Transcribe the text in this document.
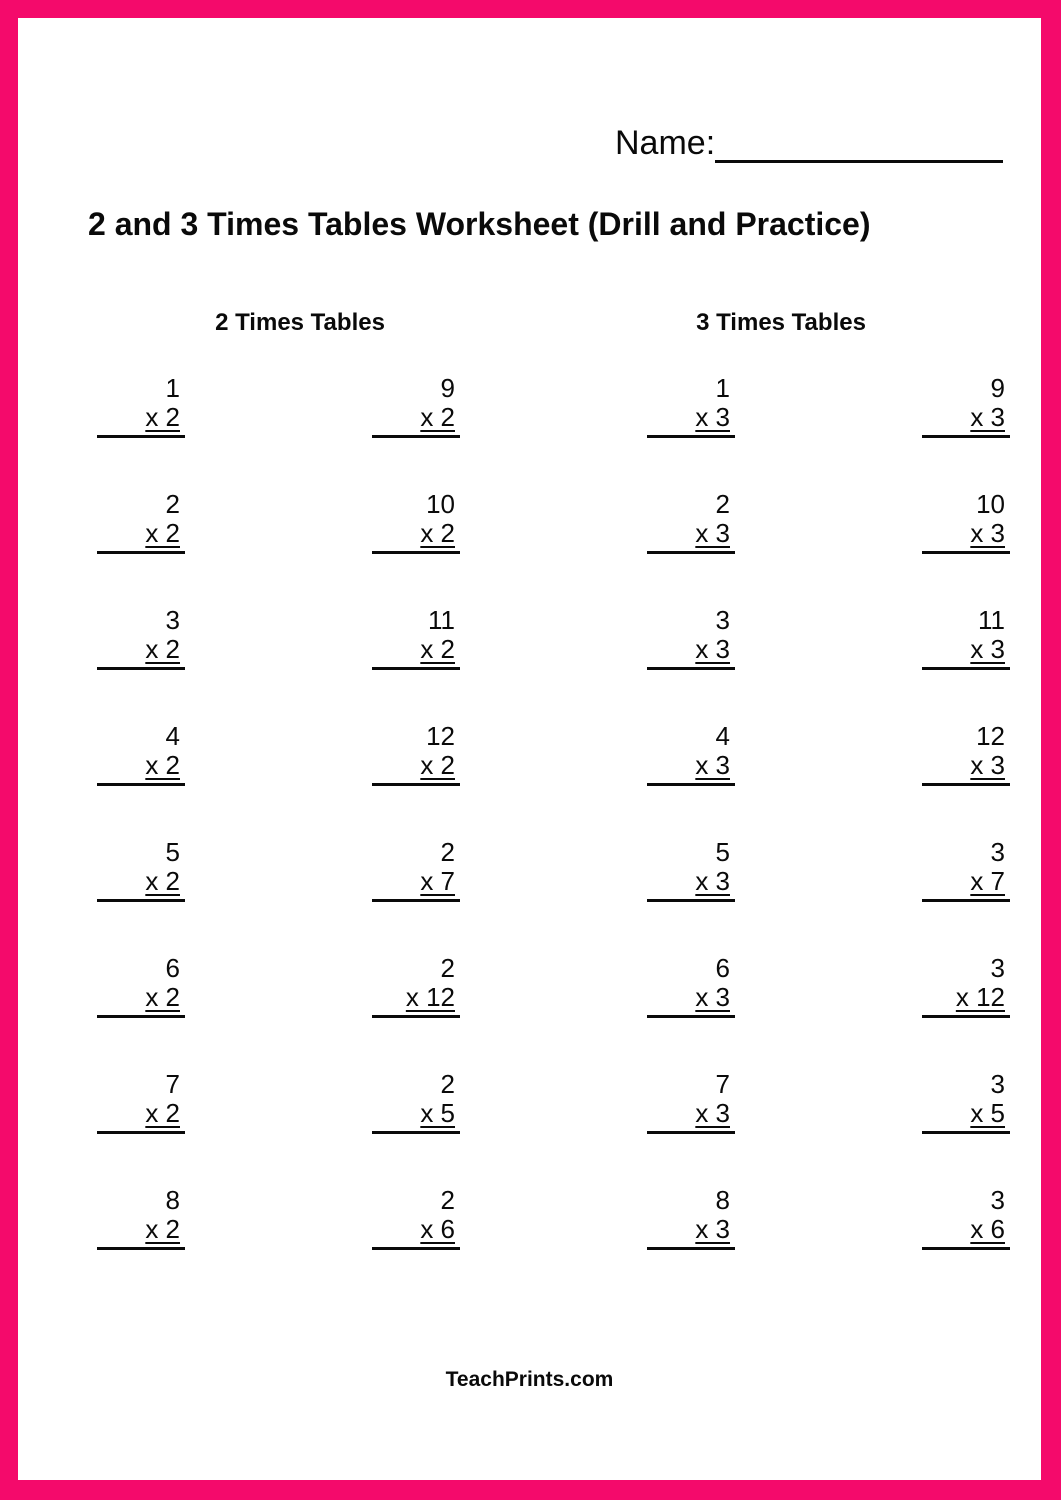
Name:
2 and 3 Times Tables Worksheet (Drill and Practice)
2 Times Tables	3 Times Tables
1
x 2
9
x 2
1
x 3
9
x 3
2
x 2
10
x 2
2
x 3
10
x 3
3
x 2
11
x 2
3
x 3
11
x 3
4
x 2
12
x 2
4
x 3
12
x 3
5
x 2
2
x 7
5
x 3
3
x 7
6
x 2
2
x 12
6
x 3
3
x 12
7
x 2
2
x 5
7
x 3
3
x 5
8
x 2
2
x 6
8
x 3
3
x 6
TeachPrints.com
